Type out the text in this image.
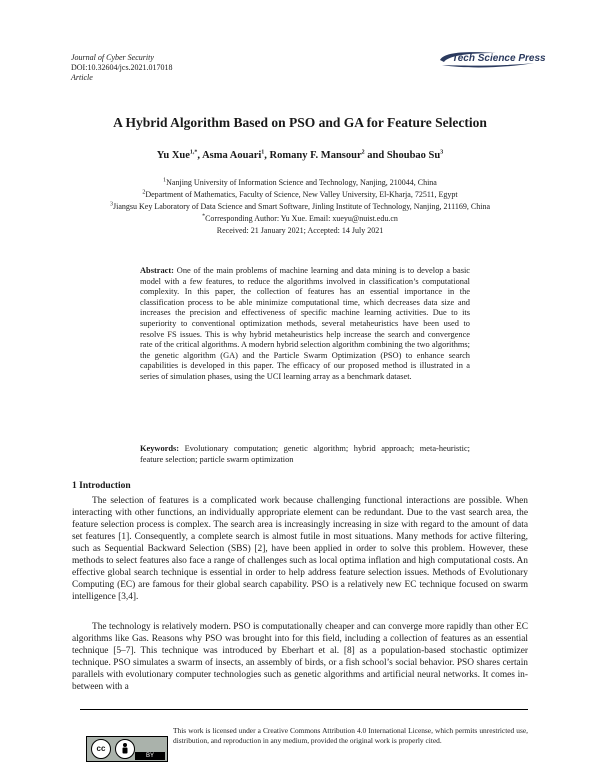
Journal of Cyber Security
DOI:10.32604/jcs.2021.017018
Article
Tech Science Press
A Hybrid Algorithm Based on PSO and GA for Feature Selection
Yu Xue$^{1,*}$, Asma Aouari$^1$, Romany F. Mansour$^2$ and Shoubao Su$^3$
$^1$Nanjing University of Information Science and Technology, Nanjing, 210044, China
$^2$Department of Mathematics, Faculty of Science, New Valley University, El-Kharja, 72511, Egypt
$^3$Jiangsu Key Laboratory of Data Science and Smart Software, Jinling Institute of Technology, Nanjing, 211169, China
*Corresponding Author: Yu Xue. Email: xueyu@nuist.edu.cn
Received: 21 January 2021; Accepted: 14 July 2021
Abstract: One of the main problems of machine learning and data mining is to develop a basic model with a few features, to reduce the algorithms involved in classification’s computational complexity. In this paper, the collection of features has an essential importance in the classification process to be able minimize computational time, which decreases data size and increases the precision and effectiveness of specific machine learning activities. Due to its superiority to conventional optimization methods, several metaheuristics have been used to resolve FS issues. This is why hybrid metaheuristics help increase the search and convergence rate of the critical algorithms. A modern hybrid selection algorithm combining the two algorithms; the genetic algorithm (GA) and the Particle Swarm Optimization (PSO) to enhance search capabilities is developed in this paper. The efficacy of our proposed method is illustrated in a series of simulation phases, using the UCI learning array as a benchmark dataset.
Keywords: Evolutionary computation; genetic algorithm; hybrid approach; meta-heuristic; feature selection; particle swarm optimization
1 Introduction

The selection of features is a complicated work because challenging functional interactions are possible. When interacting with other functions, an individually appropriate element can be redundant. Due to the vast search area, the feature selection process is complex. The search area is increasingly increasing in size with regard to the amount of data set features [1]. Consequently, a complete search is almost futile in most situations. Many methods for active filtering, such as Sequential Backward Selection (SBS) [2], have been applied in order to solve this problem. However, these methods to select features also face a range of challenges such as local optima inflation and high computational costs. An effective global search technique is essential in order to help address feature selection issues. Methods of Evolutionary Computing (EC) are famous for their global search capability. PSO is a relatively new EC technique focused on swarm intelligence [3,4].

The technology is relatively modern. PSO is computationally cheaper and can converge more rapidly than other EC algorithms like Gas. Reasons why PSO was brought into for this field, including a collection of features as an essential technique [5–7]. This technique was introduced by Eberhart et al. [8] as a population-based stochastic optimizer technique. PSO simulates a swarm of insects, an assembly of birds, or a fish school’s social behavior. PSO shares certain parallels with evolutionary computer technologies such as genetic algorithms and artificial neural networks. It comes in-between with a

cc
BY
This work is licensed under a Creative Commons Attribution 4.0 International License, which permits unrestricted use, distribution, and reproduction in any medium, provided the original work is properly cited.
